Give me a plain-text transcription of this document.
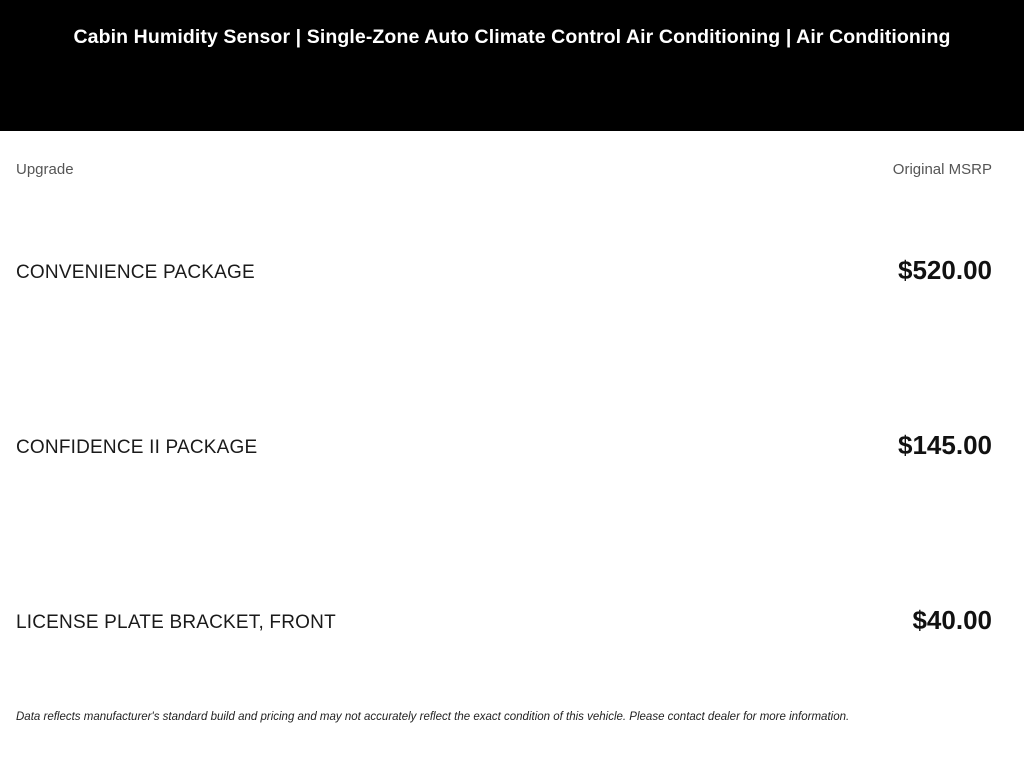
Cabin Humidity Sensor | Single-Zone Auto Climate Control Air Conditioning | Air Conditioning
Upgrade	Original MSRP
CONVENIENCE PACKAGE	$520.00
CONFIDENCE II PACKAGE	$145.00
LICENSE PLATE BRACKET, FRONT	$40.00
Data reflects manufacturer's standard build and pricing and may not accurately reflect the exact condition of this vehicle. Please contact dealer for more information.
